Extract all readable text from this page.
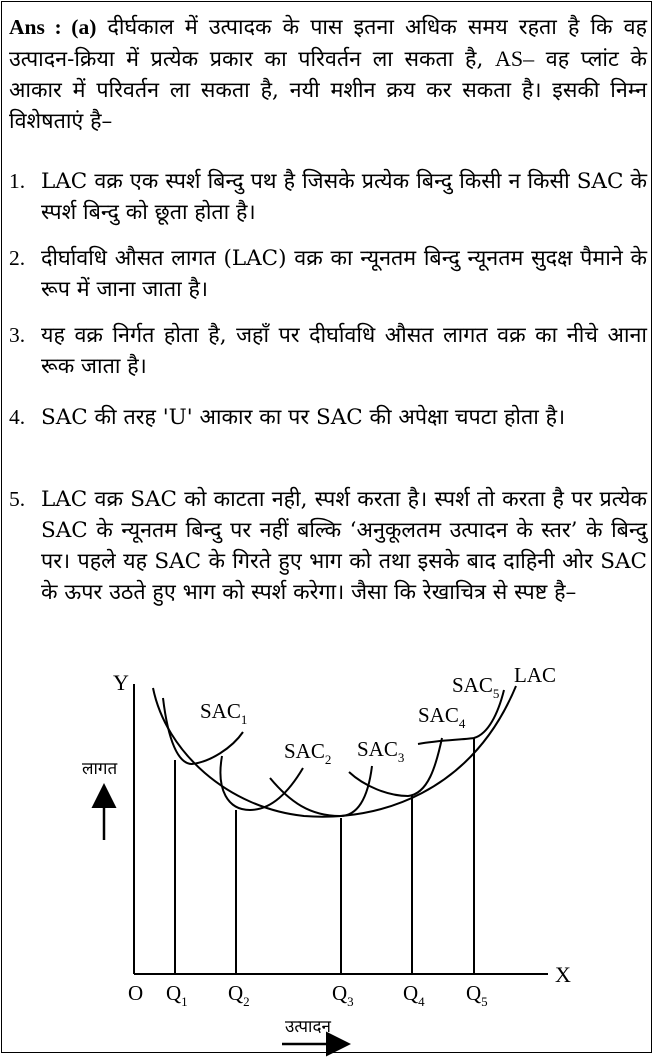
Ans : (a) दीर्घकाल में उत्पादक के पास इतना अधिक समय रहता है कि वह उत्पादन-क्रिया में प्रत्येक प्रकार का परिवर्तन ला सकता है, AS– वह प्लांट के आकार में परिवर्तन ला सकता है, नयी मशीन क्रय कर सकता है। इसकी निम्न विशेषताएं है–
1. LAC वक्र एक स्पर्श बिन्दु पथ है जिसके प्रत्येक बिन्दु किसी न किसी SAC के स्पर्श बिन्दु को छूता होता है।
2. दीर्घावधि औसत लागत (LAC) वक्र का न्यूनतम बिन्दु न्यूनतम सुदक्ष पैमाने के रूप में जाना जाता है।
3. यह वक्र निर्गत होता है, जहाँ पर दीर्घावधि औसत लागत वक्र का नीचे आना रूक जाता है।
4. SAC की तरह 'U' आकार का पर SAC की अपेक्षा चपटा होता है।
5. LAC वक्र SAC को काटता नही, स्पर्श करता है। स्पर्श तो करता है पर प्रत्येक SAC के न्यूनतम बिन्दु पर नहीं बल्कि ‘अनुकूलतम उत्पादन के स्तर’ के बिन्दु पर। पहले यह SAC के गिरते हुए भाग को तथा इसके बाद दाहिनी ओर SAC के ऊपर उठते हुए भाग को स्पर्श करेगा। जैसा कि रेखाचित्र से स्पष्ट है–
Y
X
O
लागत
उत्पादन
LAC
$SAC_1$
$SAC_2$ $SAC_3$
$SAC_4$
$SAC_5$
$Q_1$ $Q_2$	$Q_3$ $Q_4$ $Q_5$
